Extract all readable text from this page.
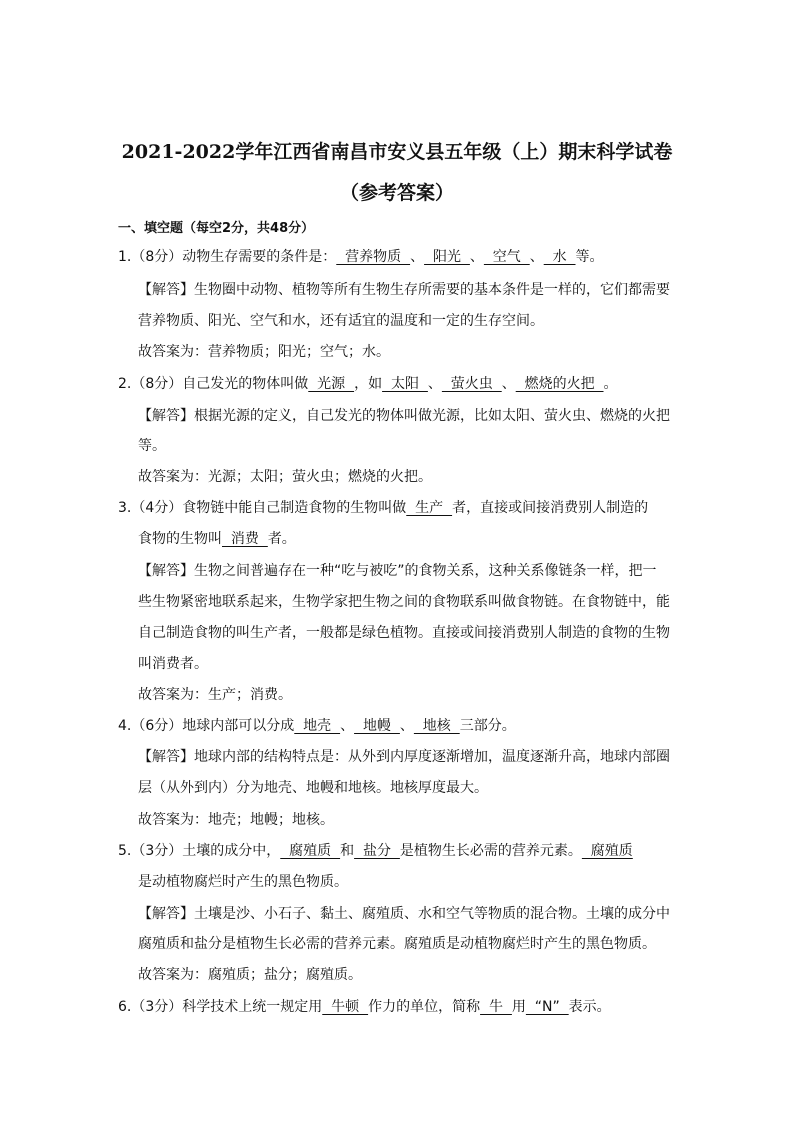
2021-2022学年江西省南昌市安义县五年级（上）期末科学试卷
（参考答案）
一、填空题（每空2分，共48分）
1.（8分）动物生存需要的条件是：  营养物质  、  阳光  、  空气  、  水  等。
【解答】生物圈中动物、植物等所有生物生存所需要的基本条件是一样的，它们都需要
营养物质、阳光、空气和水，还有适宜的温度和一定的生存空间。
故答案为：营养物质；阳光；空气；水。
2.（8分）自己发光的物体叫做  光源  ，如  太阳  、  萤火虫  、  燃烧的火把  。
【解答】根据光源的定义，自己发光的物体叫做光源，比如太阳、萤火虫、燃烧的火把
等。
故答案为：光源；太阳；萤火虫；燃烧的火把。
3.（4分）食物链中能自己制造食物的生物叫做  生产  者，直接或间接消费别人制造的
食物的生物叫  消费  者。
【解答】生物之间普遍存在一种“吃与被吃”的食物关系，这种关系像链条一样，把一
些生物紧密地联系起来，生物学家把生物之间的食物联系叫做食物链。在食物链中，能
自己制造食物的叫生产者，一般都是绿色植物。直接或间接消费别人制造的食物的生物
叫消费者。
故答案为：生产；消费。
4.（6分）地球内部可以分成  地壳  、  地幔  、  地核  三部分。
【解答】地球内部的结构特点是：从外到内厚度逐渐增加，温度逐渐升高，地球内部圈
层（从外到内）分为地壳、地幔和地核。地核厚度最大。
故答案为：地壳；地幔；地核。
5.（3分）土壤的成分中，  腐殖质  和  盐分  是植物生长必需的营养元素。  腐殖质
是动植物腐烂时产生的黑色物质。
【解答】土壤是沙、小石子、黏土、腐殖质、水和空气等物质的混合物。土壤的成分中
腐殖质和盐分是植物生长必需的营养元素。腐殖质是动植物腐烂时产生的黑色物质。
故答案为：腐殖质；盐分；腐殖质。
6.（3分）科学技术上统一规定用  牛顿  作力的单位，简称  牛  用  “N”  表示。
